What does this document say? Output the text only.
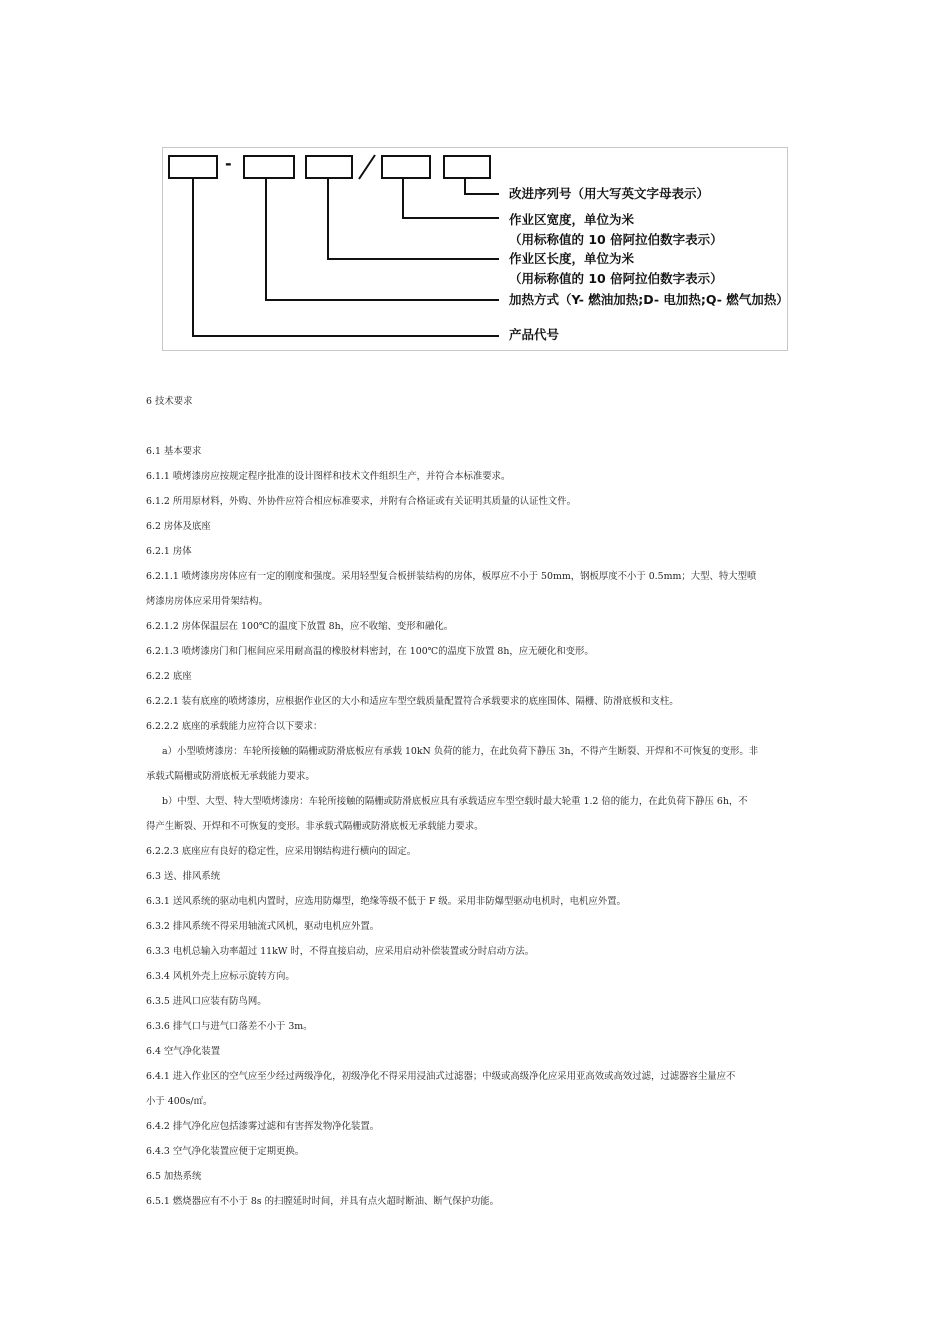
-
改进序列号（用大写英文字母表示）
作业区宽度，单位为米
（用标称值的 10 倍阿拉伯数字表示）
作业区长度，单位为米
（用标称值的 10 倍阿拉伯数字表示）
加热方式（Y- 燃油加热;D- 电加热;Q- 燃气加热）
产品代号
6 技术要求
6.1 基本要求
6.1.1 喷烤漆房应按规定程序批准的设计图样和技术文件组织生产，并符合本标准要求。
6.1.2 所用原材料，外购、外协件应符合相应标准要求，并附有合格证或有关证明其质量的认证性文件。
6.2 房体及底座
6.2.1 房体
6.2.1.1 喷烤漆房房体应有一定的刚度和强度。采用轻型复合板拼装结构的房体，板厚应不小于 50mm，钢板厚度不小于 0.5mm；大型、特大型喷
烤漆房房体应采用骨架结构。
6.2.1.2 房体保温层在 100℃的温度下放置 8h，应不收缩、变形和融化。
6.2.1.3 喷烤漆房门和门框间应采用耐高温的橡胶材料密封，在 100℃的温度下放置 8h，应无硬化和变形。
6.2.2 底座
6.2.2.1 装有底座的喷烤漆房，应根据作业区的大小和适应车型空载质量配置符合承载要求的底座围体、隔栅、防滑底板和支柱。
6.2.2.2 底座的承载能力应符合以下要求：
a）小型喷烤漆房：车轮所接触的隔栅或防滑底板应有承载 10kN 负荷的能力，在此负荷下静压 3h，不得产生断裂、开焊和不可恢复的变形。非
承载式隔栅或防滑底板无承载能力要求。
b）中型、大型、特大型喷烤漆房：车轮所接触的隔栅或防滑底板应具有承载适应车型空载时最大轮重 1.2 倍的能力，在此负荷下静压 6h，不
得产生断裂、开焊和不可恢复的变形。非承载式隔栅或防滑底板无承载能力要求。
6.2.2.3 底座应有良好的稳定性，应采用钢结构进行横向的固定。
6.3 送、排风系统
6.3.1 送风系统的驱动电机内置时，应选用防爆型，绝缘等级不低于 F 级。采用非防爆型驱动电机时，电机应外置。
6.3.2 排风系统不得采用轴流式风机，驱动电机应外置。
6.3.3 电机总输入功率超过 11kW 时，不得直接启动，应采用启动补偿装置或分时启动方法。
6.3.4 风机外壳上应标示旋转方向。
6.3.5 进风口应装有防鸟网。
6.3.6 排气口与进气口落差不小于 3m。
6.4 空气净化装置
6.4.1 进入作业区的空气应至少经过两级净化，初级净化不得采用浸油式过滤器；中级或高级净化应采用亚高效或高效过滤，过滤器容尘量应不
小于 400s/㎡。
6.4.2 排气净化应包括漆雾过滤和有害挥发物净化装置。
6.4.3 空气净化装置应便于定期更换。
6.5 加热系统
6.5.1 燃烧器应有不小于 8s 的扫膛延时时间，并具有点火超时断油、断气保护功能。
